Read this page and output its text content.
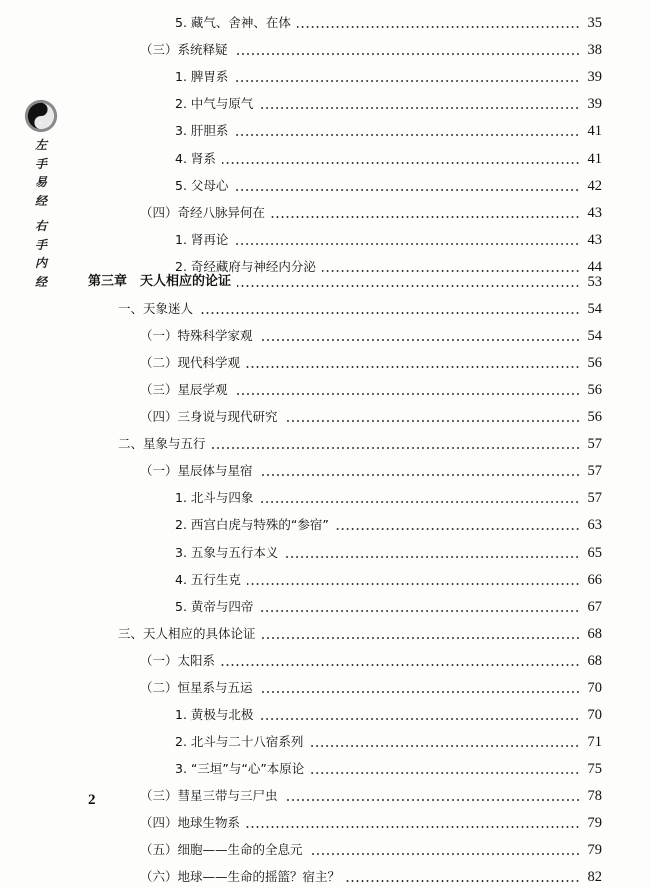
左
手
易
经
右
手
内
经
5. 藏气、舍神、在体	35
（三）系统释疑	38
1. 脾胃系	39
2. 中气与原气	39
3. 肝胆系	41
4. 肾系	41
5. 父母心	42
（四）奇经八脉异何在	43
1. 肾再论	43
2. 奇经藏府与神经内分泌	44
第三章　天人相应的论证	53
一、天象迷人	54
（一）特殊科学家观	54
（二）现代科学观	56
（三）星辰学观	56
（四）三身说与现代研究	56
二、星象与五行	57
（一）星辰体与星宿	57
1. 北斗与四象	57
2. 西宫白虎与特殊的“参宿”	63
3. 五象与五行本义	65
4. 五行生克	66
5. 黄帝与四帝	67
三、天人相应的具体论证	68
（一）太阳系	68
（二）恒星系与五运	70
1. 黄极与北极	70
2. 北斗与二十八宿系列	71
3. “三垣”与“心”本原论	75
（三）彗星三带与三尸虫	78
（四）地球生物系	79
（五）细胞——生命的全息元	79
（六）地球——生命的摇篮？宿主？	82
2
